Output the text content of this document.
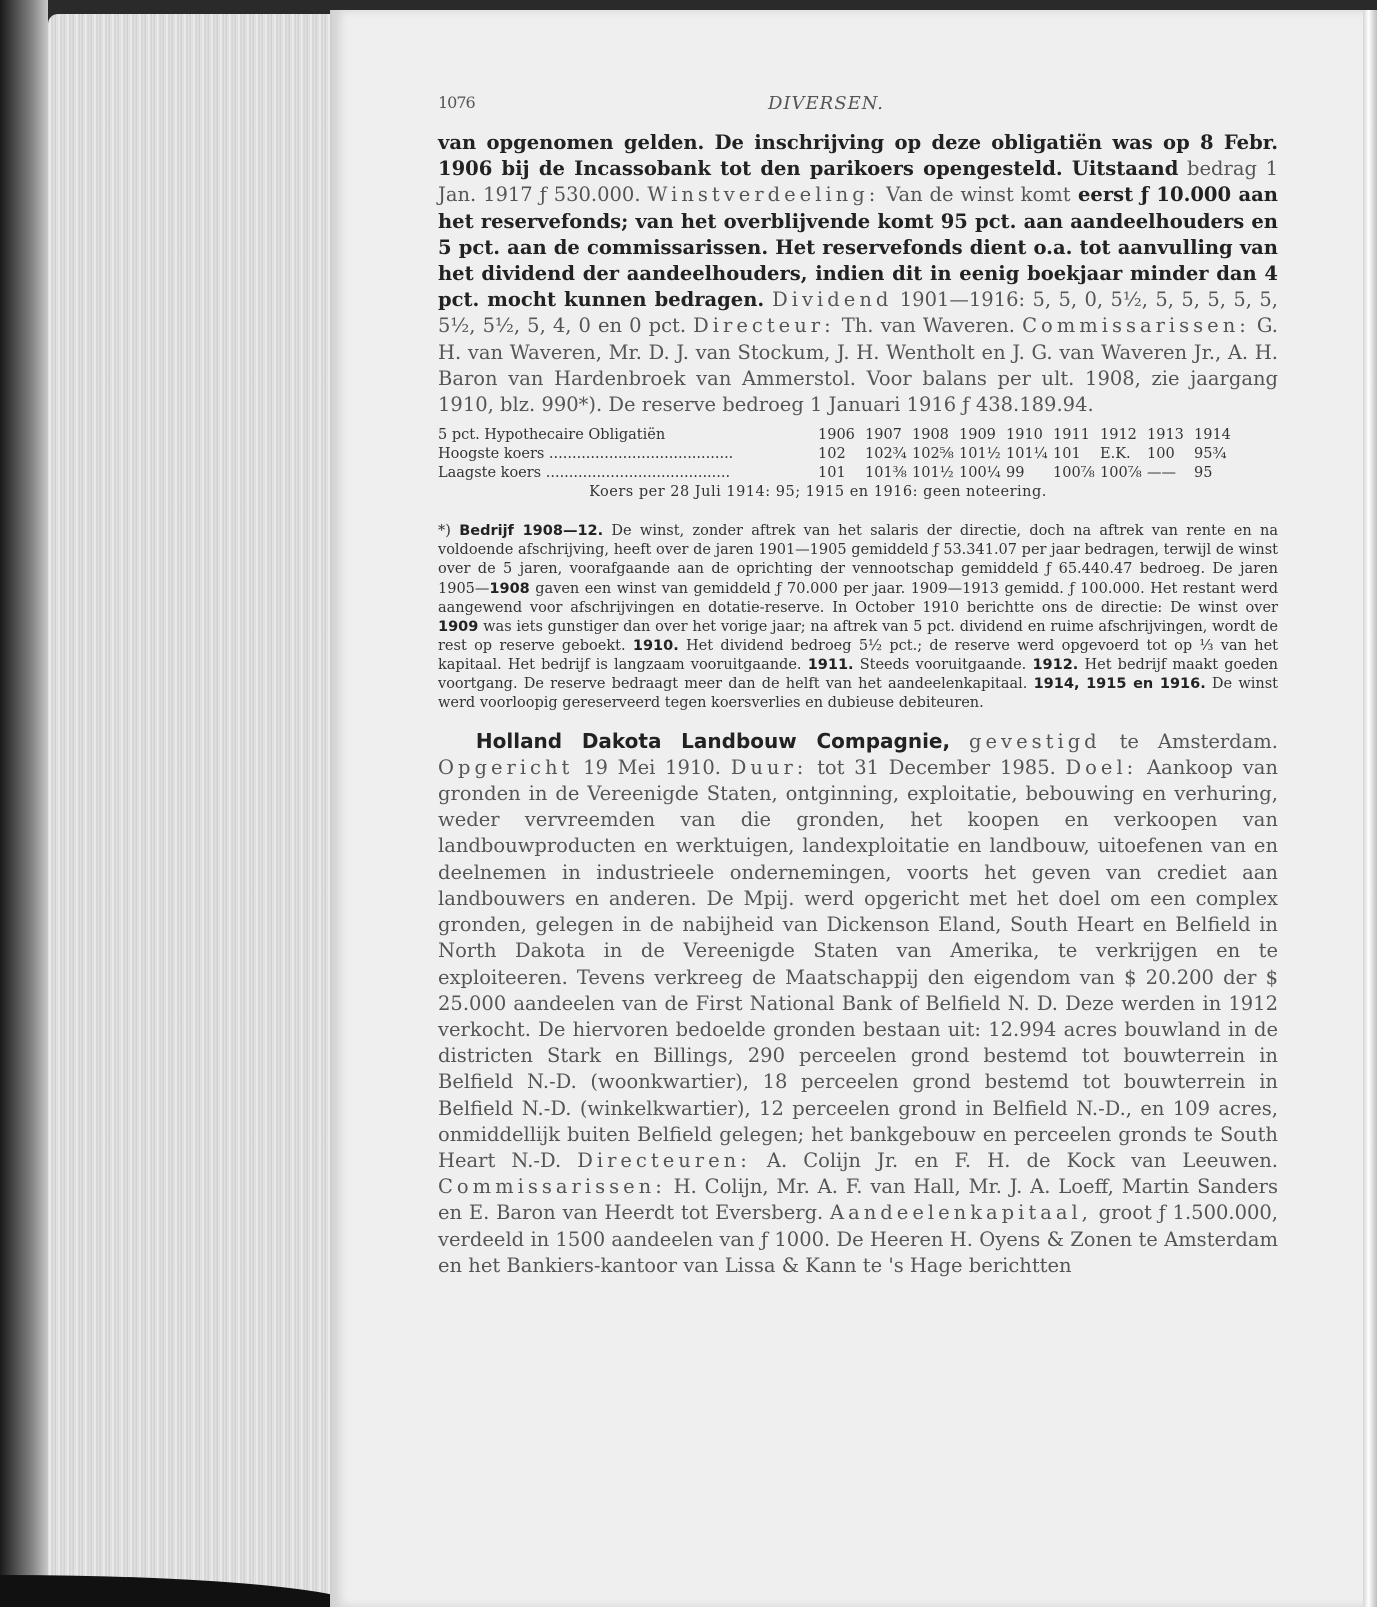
1076	DIVERSEN.

van opgenomen gelden. De inschrijving op deze obligatiën was op 8 Febr. 1906 bij de Incassobank tot den parikoers opengesteld. Uitstaand bedrag 1 Jan. 1917 ƒ 530.000. Winstverdeeling: Van de winst komt eerst ƒ 10.000 aan het reservefonds; van het overblijvende komt 95 pct. aan aandeelhouders en 5 pct. aan de commissarissen. Het reservefonds dient o.a. tot aanvulling van het dividend der aandeelhouders, indien dit in eenig boekjaar minder dan 4 pct. mocht kunnen bedragen. Dividend 1901—1916: 5, 5, 0, 5½, 5, 5, 5, 5, 5, 5½, 5½, 5, 4, 0 en 0 pct. Directeur: Th. van Waveren. Commissarissen: G. H. van Waveren, Mr. D. J. van Stockum, J. H. Wentholt en J. G. van Waveren Jr., A. H. Baron van Hardenbroek van Ammerstol. Voor balans per ult. 1908, zie jaargang 1910, blz. 990*). De reserve bedroeg 1 Januari 1916 ƒ 438.189.94.

5 pct. Hypothecaire Obligatiën	1906 1907 1908 1909 1910 1911 1912 1913 1914
Hoogste koers ........................................	102	102¾ 102⅝ 101½ 101¼ 101	E.K.	100	95¾
Laagste koers ........................................	101	101⅜ 101½ 100¼ 99	100⅞ 100⅞ ——	95
Koers per 28 Juli 1914: 95; 1915 en 1916: geen noteering.

*) Bedrijf 1908—12. De winst, zonder aftrek van het salaris der directie, doch na aftrek van rente en na voldoende afschrijving, heeft over de jaren 1901—1905 gemiddeld ƒ 53.341.07 per jaar bedragen, terwijl de winst over de 5 jaren, voorafgaande aan de oprichting der vennootschap gemiddeld ƒ 65.440.47 bedroeg. De jaren 1905—1908 gaven een winst van gemiddeld ƒ 70.000 per jaar. 1909—1913 gemidd. ƒ 100.000. Het restant werd aangewend voor afschrijvingen en dotatie-reserve. In October 1910 berichtte ons de directie: De winst over 1909 was iets gunstiger dan over het vorige jaar; na aftrek van 5 pct. dividend en ruime afschrijvingen, wordt de rest op reserve geboekt. 1910. Het dividend bedroeg 5½ pct.; de reserve werd opgevoerd tot op ⅓ van het kapitaal. Het bedrijf is langzaam vooruitgaande. 1911. Steeds vooruitgaande. 1912. Het bedrijf maakt goeden voortgang. De reserve bedraagt meer dan de helft van het aandeelenkapitaal. 1914, 1915 en 1916. De winst werd voorloopig gereserveerd tegen koersverlies en dubieuse debiteuren.

Holland Dakota Landbouw Compagnie, gevestigd te Amsterdam. Opgericht 19 Mei 1910. Duur: tot 31 December 1985. Doel: Aankoop van gronden in de Vereenigde Staten, ontginning, exploitatie, bebouwing en verhuring, weder vervreemden van die gronden, het koopen en verkoopen van landbouwproducten en werktuigen, landexploitatie en landbouw, uitoefenen van en deelnemen in industrieele ondernemingen, voorts het geven van crediet aan landbouwers en anderen. De Mpij. werd opgericht met het doel om een complex gronden, gelegen in de nabijheid van Dickenson Eland, South Heart en Belfield in North Dakota in de Vereenigde Staten van Amerika, te verkrijgen en te exploiteeren. Tevens verkreeg de Maatschappij den eigendom van $ 20.200 der $ 25.000 aandeelen van de First National Bank of Belfield N. D. Deze werden in 1912 verkocht. De hiervoren bedoelde gronden bestaan uit: 12.994 acres bouwland in de districten Stark en Billings, 290 perceelen grond bestemd tot bouwterrein in Belfield N.-D. (woonkwartier), 18 perceelen grond bestemd tot bouwterrein in Belfield N.-D. (winkelkwartier), 12 perceelen grond in Belfield N.-D., en 109 acres, onmiddellijk buiten Belfield gelegen; het bankgebouw en perceelen gronds te South Heart N.-D. Directeuren: A. Colijn Jr. en F. H. de Kock van Leeuwen. Commissarissen: H. Colijn, Mr. A. F. van Hall, Mr. J. A. Loeff, Martin Sanders en E. Baron van Heerdt tot Eversberg. Aandeelenkapitaal, groot ƒ 1.500.000, verdeeld in 1500 aandeelen van ƒ 1000. De Heeren H. Oyens & Zonen te Amsterdam en het Bankiers-kantoor van Lissa & Kann te 's Hage berichtten
